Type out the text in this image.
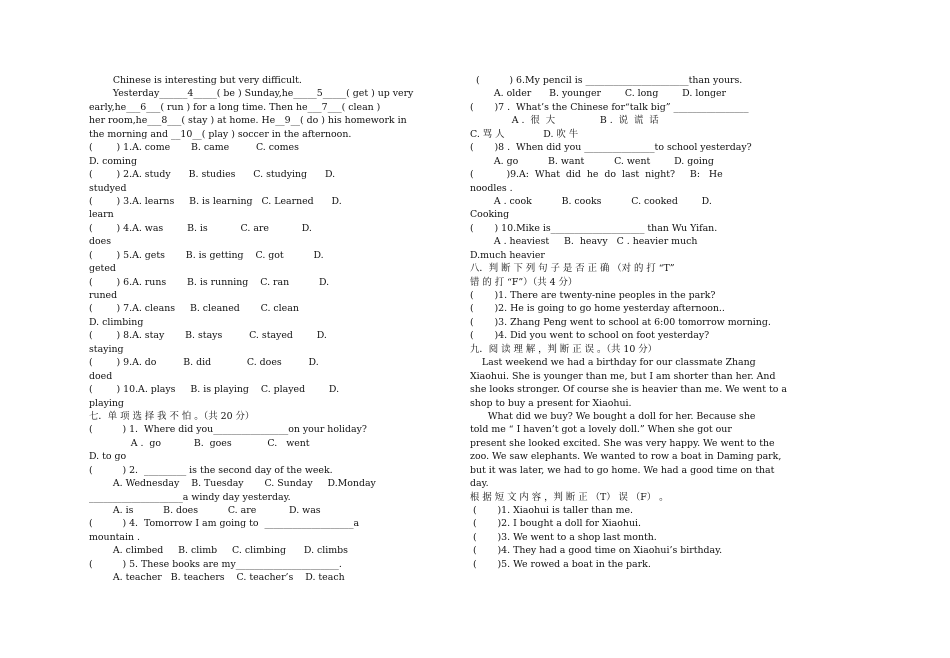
Chinese is interesting but very difficult.
Yesterday______4_____( be ) Sunday,he_____5_____( get ) up very
early,he___6___( run ) for a long time. Then he___7___( clean )
her room,he___8___( stay ) at home. He__9__( do ) his homework in
the morning and __10__( play ) soccer in the afternoon.
(        ) 1.A. come       B. came         C. comes
D. coming
(        ) 2.A. study      B. studies      C. studying      D.
studyed
(        ) 3.A. learns     B. is learning   C. Learned      D.
learn
(        ) 4.A. was        B. is           C. are           D.
does
(        ) 5.A. gets       B. is getting    C. got          D.
geted
(        ) 6.A. runs       B. is running    C. ran          D.
runed
(        ) 7.A. cleans     B. cleaned       C. clean
D. climbing
(        ) 8.A. stay       B. stays         C. stayed        D.
staying
(        ) 9.A. do         B. did            C. does         D.
doed
(        ) 10.A. plays     B. is playing    C. played        D.
playing
七．单 项 选 择 我 不 怕 。（共 20 分）
(          ) 1.  Where did you________________on your holiday?
A .  go           B.  goes            C.   went
D. to go
(          ) 2.  _________ is the second day of the week.
A. Wednesday    B. Tuesday       C. Sunday     D.Monday
____________________a windy day yesterday.
A. is          B. does          C. are           D. was
(          ) 4.  Tomorrow I am going to  ___________________a
mountain .
A. climbed     B. climb     C. climbing      D. climbs
(          ) 5. These books are my______________________.
A. teacher   B. teachers    C. teacher’s    D. teach
(          ) 6.My pencil is ______________________than yours.
A. older      B. younger        C. long        D. longer
(       )7 .  What’s the Chinese for“talk big” ________________
A .  很  大               B .  说  谎  话
C. 骂 人             D. 吹 牛
(       )8 .  When did you _______________to school yesterday?
A. go          B. want          C. went        D. going
(           )9.A:  What  did  he  do  last  night?     B:   He
noodles .
A . cook          B. cooks          C. cooked        D.
Cooking
(       ) 10.Mike is____________________ than Wu Yifan.
A . heaviest     B.  heavy   C . heavier much
D.much heavier
八．判 断 下 列 句 子 是 否 正 确 （对 的 打 “T”
错 的 打 “F”）（共 4 分）
(       )1. There are twenty-nine peoples in the park?
(       )2. He is going to go home yesterday afternoon..
(       )3. Zhang Peng went to school at 6:00 tomorrow morning.
(       )4. Did you went to school on foot yesterday?
九．阅 读 理 解 ，判 断 正 误 。（共 10 分）
Last weekend we had a birthday for our classmate Zhang
Xiaohui. She is younger than me, but I am shorter than her. And
she looks stronger. Of course she is heavier than me. We went to a
shop to buy a present for Xiaohui.
What did we buy? We bought a doll for her. Because she
told me “ I haven’t got a lovely doll.” When she got our
present she looked excited. She was very happy. We went to the
zoo. We saw elephants. We wanted to row a boat in Daming park,
but it was later, we had to go home. We had a good time on that
day.
根 据 短 文 内 容 ，判 断 正 （T） 误 （F） 。
(       )1. Xiaohui is taller than me.
(       )2. I bought a doll for Xiaohui.
(       )3. We went to a shop last month.
(       )4. They had a good time on Xiaohui’s birthday.
(       )5. We rowed a boat in the park.
